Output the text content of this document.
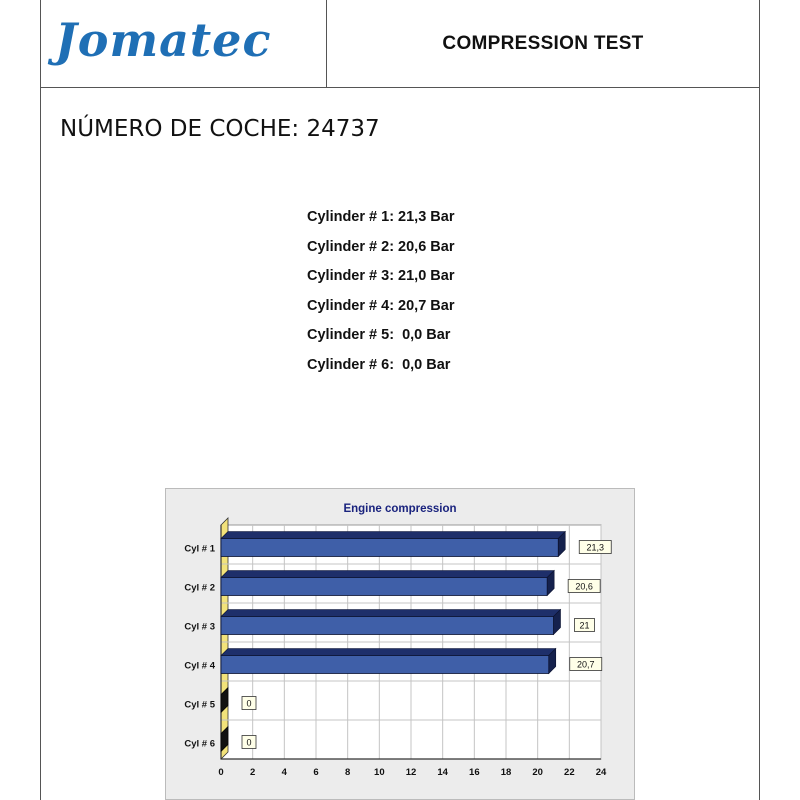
Jomatec	COMPRESSION TEST
NÚMERO DE COCHE: 24737
Cylinder # 1: 21,3 Bar
Cylinder # 2: 20,6 Bar
Cylinder # 3: 21,0 Bar
Cylinder # 4: 20,7 Bar
Cylinder # 5:  0,0 Bar
Cylinder # 6:  0,0 Bar
Engine compression
0	2	4	6	8 10 12 14 16 18 20 22 24
Cyl # 1	21,3
Cyl # 2	20,6
Cyl # 3	21
Cyl # 4	20,7
Cyl # 5	0
Cyl # 6	0
